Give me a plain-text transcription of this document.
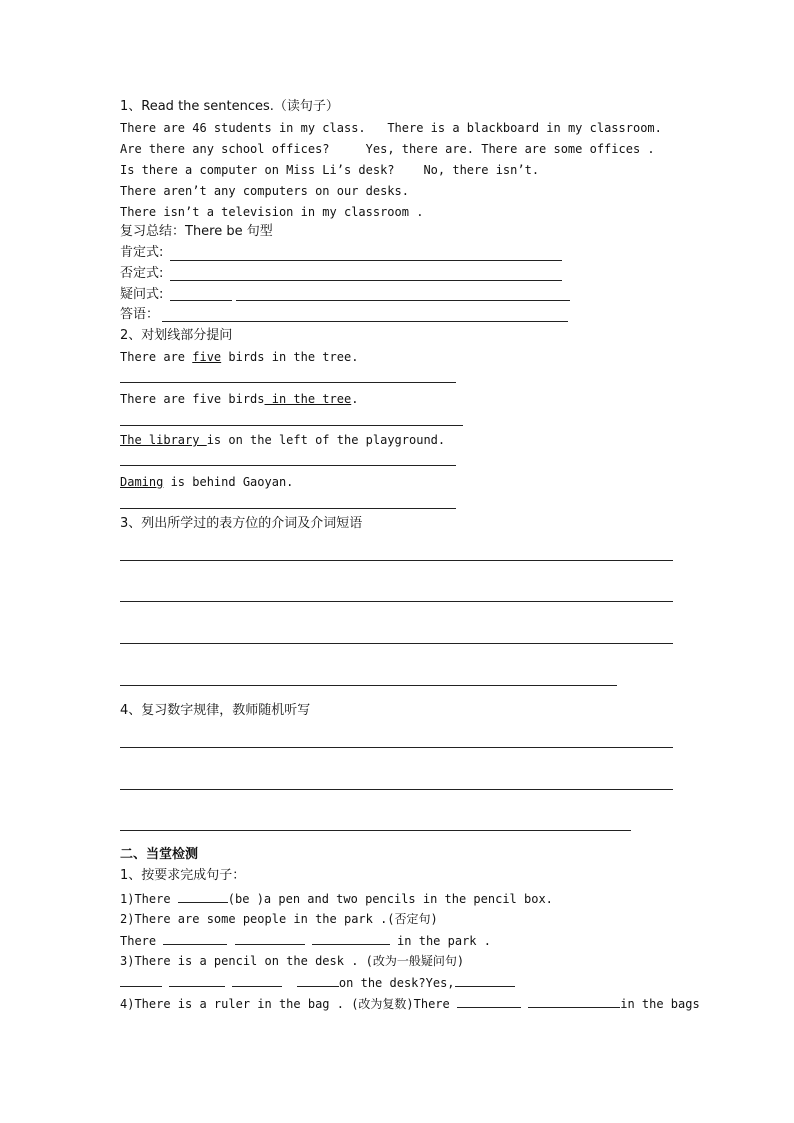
1、Read the sentences.（读句子）
There are 46 students in my class. There is a blackboard in my classroom.
Are there any school offices?	Yes, there are. There are some offices .
Is there a computer on Miss Li’s desk? No, there isn’t.
There aren’t any computers on our desks.
There isn’t a television in my classroom .
复习总结：There be 句型
肯定式:
否定式:
疑问式:
答语：
2、对划线部分提问
There are five birds in the tree.
There are five birds in the tree.
The library is on the left of the playground.
Daming is behind Gaoyan.
3、列出所学过的表方位的介词及介词短语
4、复习数字规律，教师随机听写
二、当堂检测
1、按要求完成句子：
1)There	(be )a pen and two pencils in the pencil box.
2)There are some people in the park .(否定句)
There	in the park .
3)There is a pencil on the desk . (改为一般疑问句)
on the desk?Yes,
4)There is a ruler in the bag . (改为复数)There	in the bags
